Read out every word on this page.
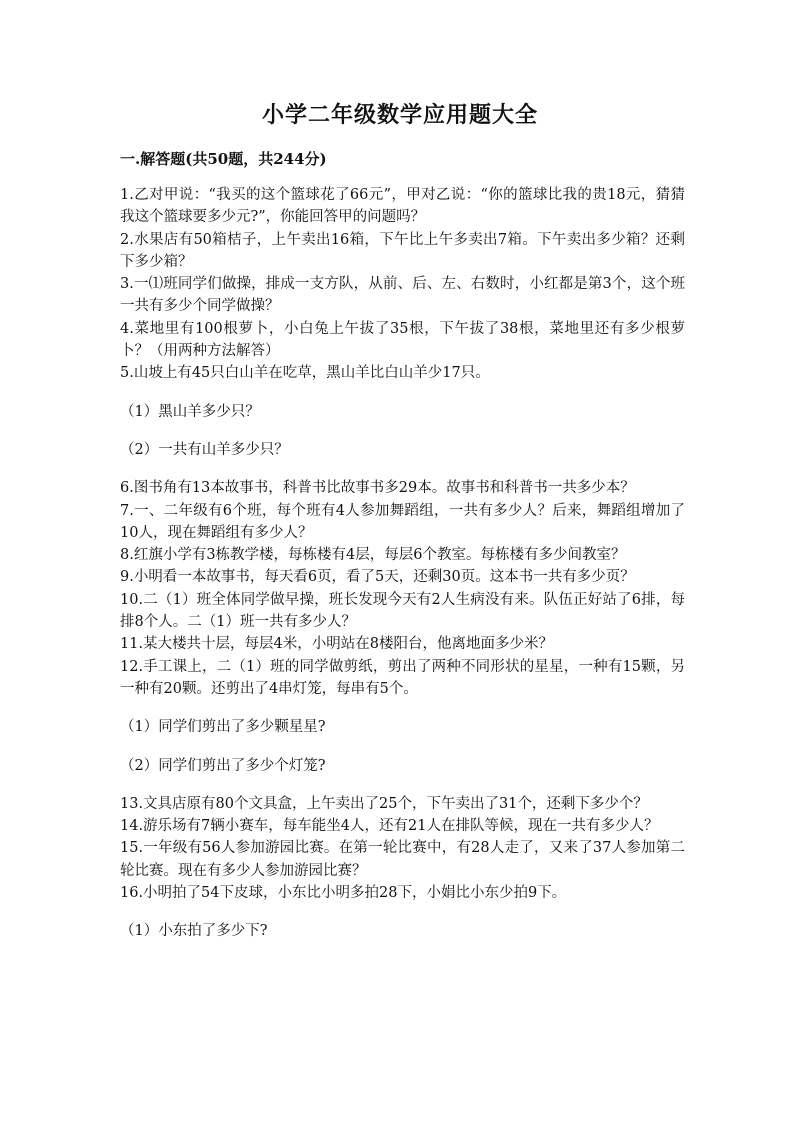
小学二年级数学应用题大全
一.解答题(共50题，共244分)

1.乙对甲说：“我买的这个篮球花了66元”，甲对乙说：“你的篮球比我的贵18元，猜猜我这个篮球要多少元?”，你能回答甲的问题吗？

2.水果店有50箱桔子，上午卖出16箱，下午比上午多卖出7箱。下午卖出多少箱？还剩下多少箱？

3.一⑴班同学们做操，排成一支方队，从前、后、左、右数时，小红都是第3个，这个班一共有多少个同学做操？

4.菜地里有100根萝卜，小白兔上午拔了35根，下午拔了38根，菜地里还有多少根萝卜？（用两种方法解答）

5.山坡上有45只白山羊在吃草，黑山羊比白山羊少17只。

（1）黑山羊多少只？

（2）一共有山羊多少只？

6.图书角有13本故事书，科普书比故事书多29本。故事书和科普书一共多少本？

7.一、二年级有6个班，每个班有4人参加舞蹈组，一共有多少人？后来，舞蹈组增加了10人，现在舞蹈组有多少人？

8.红旗小学有3栋教学楼，每栋楼有4层，每层6个教室。每栋楼有多少间教室？

9.小明看一本故事书，每天看6页，看了5天，还剩30页。这本书一共有多少页？

10.二（1）班全体同学做早操，班长发现今天有2人生病没有来。队伍正好站了6排，每排8个人。二（1）班一共有多少人？

11.某大楼共十层，每层4米，小明站在8楼阳台，他离地面多少米？

12.手工课上，二（1）班的同学做剪纸，剪出了两种不同形状的星星，一种有15颗，另一种有20颗。还剪出了4串灯笼，每串有5个。

（1）同学们剪出了多少颗星星?

（2）同学们剪出了多少个灯笼?

13.文具店原有80个文具盒，上午卖出了25个，下午卖出了31个，还剩下多少个？

14.游乐场有7辆小赛车，每车能坐4人，还有21人在排队等候，现在一共有多少人？

15.一年级有56人参加游园比赛。在第一轮比赛中，有28人走了，又来了37人参加第二轮比赛。现在有多少人参加游园比赛？

16.小明拍了54下皮球，小东比小明多拍28下，小娟比小东少拍9下。

（1）小东拍了多少下?
